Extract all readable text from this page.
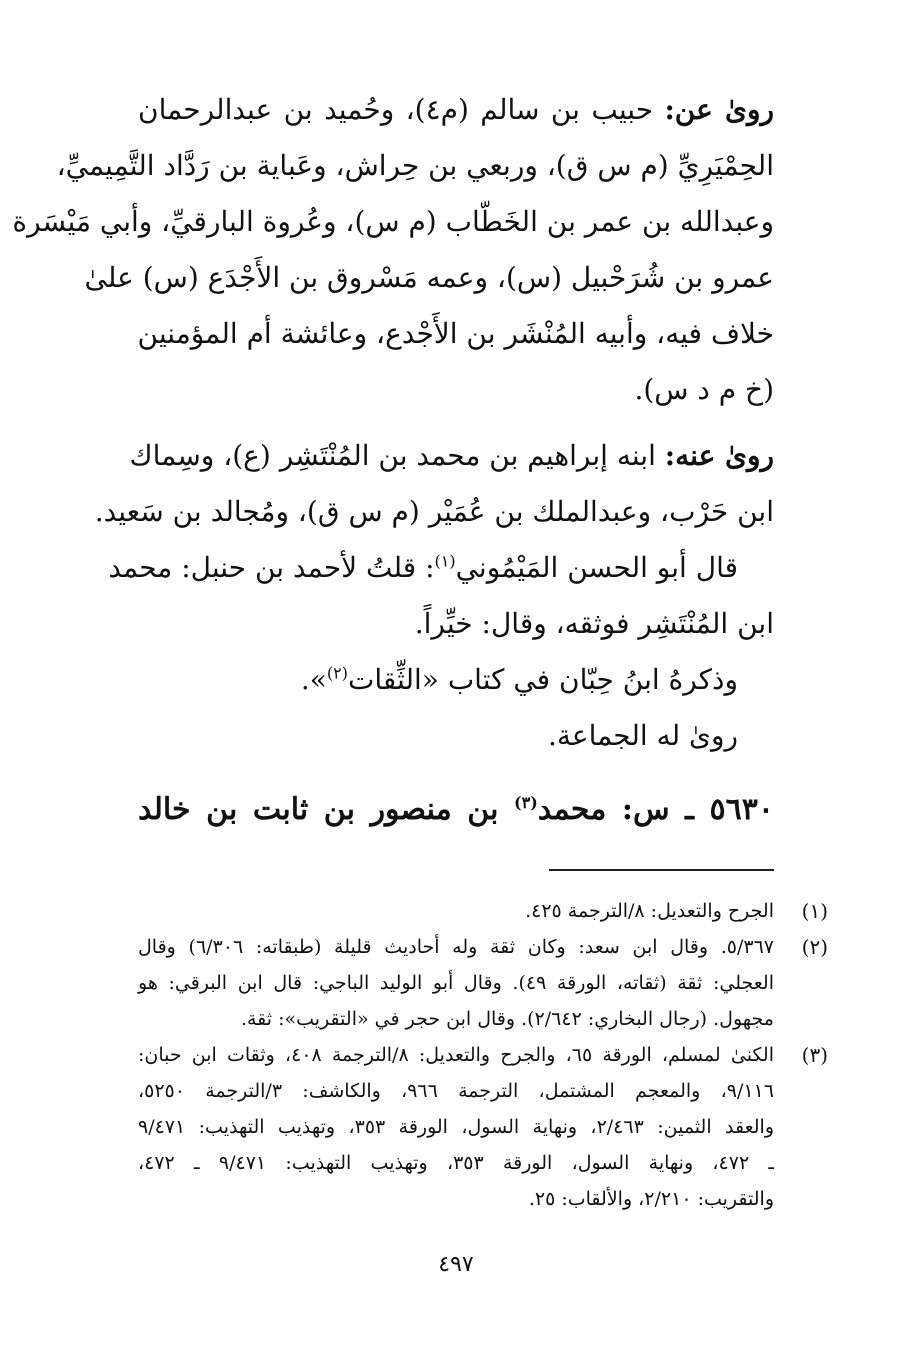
روىٰ عن: حبيب بن سالم (م٤)، وحُميد بن عبدالرحمان
الحِمْيَرِيِّ (م س ق)، وربعي بن حِراش، وعَباية بن رَدَّاد التَّمِيميِّ،
وعبدالله بن عمر بن الخَطّاب (م س)، وعُروة البارقيِّ، وأبي مَيْسَرة
عمرو بن شُرَحْبيل (س)، وعمه مَسْروق بن الأَجْدَع (س) علىٰ
خلاف فيه، وأبيه المُنْشَر بن الأَجْدع، وعائشة أم المؤمنين
(خ م د س).
روىٰ عنه: ابنه إبراهيم بن محمد بن المُنْتَشِر (ع)، وسِماك
ابن حَرْب، وعبدالملك بن عُمَيْر (م س ق)، ومُجالد بن سَعيد.
قال أبو الحسن المَيْمُوني$^{(١)}$: قلتُ لأحمد بن حنبل: محمد
ابن المُنْتَشِر فوثقه، وقال: خيِّراً.
وذكرهُ ابنُ حِبّان في كتاب «الثِّقات$^{(٢)}$».
روىٰ له الجماعة.
٥٦٣٠ ـ س: محمد$^{(٣)}$ بن منصور بن ثابت بن خالد
(١)
الجرح والتعديل: ٨/الترجمة ٤٢٥.
(٢)
٥/٣٦٧. وقال ابن سعد: وكان ثقة وله أحاديث قليلة (طبقاته: ٦/٣٠٦) وقال
العجلي: ثقة (ثقاته، الورقة ٤٩). وقال أبو الوليد الباجي: قال ابن البرقي: هو
مجهول. (رجال البخاري: ٢/٦٤٢). وقال ابن حجر في «التقريب»: ثقة.
(٣)
الكنىٰ لمسلم، الورقة ٦٥، والجرح والتعديل: ٨/الترجمة ٤٠٨، وثقات ابن حبان:
٩/١١٦، والمعجم المشتمل، الترجمة ٩٦٦، والكاشف: ٣/الترجمة ٥٢٥٠،
والعقد الثمين: ٢/٤٦٣، ونهاية السول، الورقة ٣٥٣، وتهذيب التهذيب: ٩/٤٧١
ـ ٤٧٢، ونهاية السول، الورقة ٣٥٣، وتهذيب التهذيب: ٩/٤٧١ ـ ٤٧٢،
والتقريب: ٢/٢١٠، والألقاب: ٢٥.
٤٩٧
